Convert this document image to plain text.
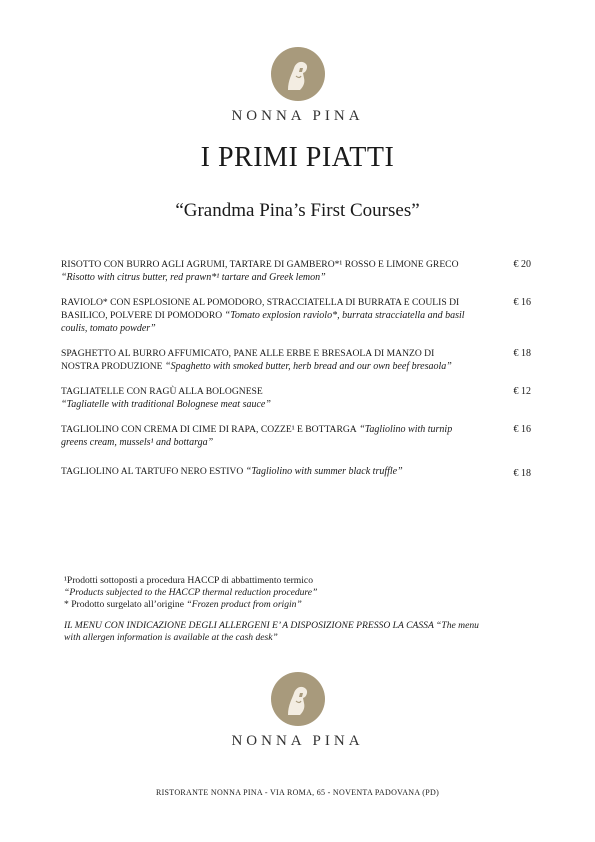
NONNA PINA
I PRIMI PIATTI
“Grandma Pina’s First Courses”
RISOTTO CON BURRO AGLI AGRUMI, TARTARE DI GAMBERO*¹ ROSSO E LIMONE GRECO “Risotto with citrus butter, red prawn*¹ tartare and Greek lemon”
€ 20
RAVIOLO* CON ESPLOSIONE AL POMODORO, STRACCIATELLA DI BURRATA E COULIS DI BASILICO, POLVERE DI POMODORO “Tomato explosion raviolo*, burrata stracciatella and basil coulis, tomato powder”
€ 16
SPAGHETTO AL BURRO AFFUMICATO, PANE ALLE ERBE E BRESAOLA DI MANZO DI NOSTRA PRODUZIONE “Spaghetto with smoked butter, herb bread and our own beef bresaola”
€ 18
TAGLIATELLE CON RAGÙ ALLA BOLOGNESE
“Tagliatelle with traditional Bolognese meat sauce”
€ 12
TAGLIOLINO CON CREMA DI CIME DI RAPA, COZZE¹ E BOTTARGA “Tagliolino with turnip greens cream, mussels¹ and bottarga”
€ 16
TAGLIOLINO AL TARTUFO NERO ESTIVO “Tagliolino with summer black truffle”	€ 18
¹Prodotti sottoposti a procedura HACCP di abbattimento termico
“Products subjected to the HACCP thermal reduction procedure”
* Prodotto surgelato all’origine “Frozen product from origin”
IL MENU CON INDICAZIONE DEGLI ALLERGENI E’ A DISPOSIZIONE PRESSO LA CASSA “The menu with allergen information is available at the cash desk”
NONNA PINA
RISTORANTE NONNA PINA - VIA ROMA, 65 - NOVENTA PADOVANA (PD)
